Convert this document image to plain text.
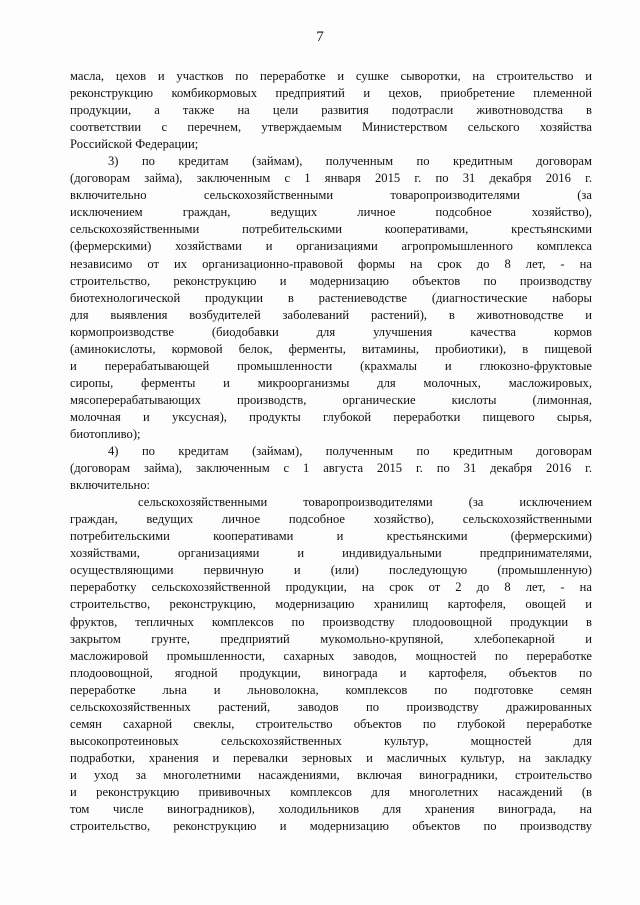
7
масла, цехов и участков по переработке и сушке сыворотки, на строительство и
реконструкцию комбикормовых предприятий и цехов, приобретение племенной
продукции, а также на цели развития подотрасли животноводства в
соответствии с перечнем, утверждаемым Министерством сельского хозяйства
Российской Федерации;
3) по кредитам (займам), полученным по кредитным договорам
(договорам займа), заключенным с 1 января 2015 г. по 31 декабря 2016 г.
включительно сельскохозяйственными товаропроизводителями (за
исключением граждан, ведущих личное подсобное хозяйство),
сельскохозяйственными потребительскими кооперативами, крестьянскими
(фермерскими) хозяйствами и организациями агропромышленного комплекса
независимо от их организационно-правовой формы на срок до 8 лет, - на
строительство, реконструкцию и модернизацию объектов по производству
биотехнологической продукции в растениеводстве (диагностические наборы
для выявления возбудителей заболеваний растений), в животноводстве и
кормопроизводстве (биодобавки для улучшения качества кормов
(аминокислоты, кормовой белок, ферменты, витамины, пробиотики), в пищевой
и перерабатывающей промышленности (крахмалы и глюкозно-фруктовые
сиропы, ферменты и микроорганизмы для молочных, масложировых,
мясоперерабатывающих производств, органические кислоты (лимонная,
молочная и уксусная), продукты глубокой переработки пищевого сырья,
биотопливо);
4) по кредитам (займам), полученным по кредитным договорам
(договорам займа), заключенным с 1 августа 2015 г. по 31 декабря 2016 г.
включительно:
сельскохозяйственными товаропроизводителями (за исключением
граждан, ведущих личное подсобное хозяйство), сельскохозяйственными
потребительскими кооперативами и крестьянскими (фермерскими)
хозяйствами, организациями и индивидуальными предпринимателями,
осуществляющими первичную и (или) последующую (промышленную)
переработку сельскохозяйственной продукции, на срок от 2 до 8 лет, - на
строительство, реконструкцию, модернизацию хранилищ картофеля, овощей и
фруктов, тепличных комплексов по производству плодоовощной продукции в
закрытом грунте, предприятий мукомольно-крупяной, хлебопекарной и
масложировой промышленности, сахарных заводов, мощностей по переработке
плодоовощной, ягодной продукции, винограда и картофеля, объектов по
переработке льна и льноволокна, комплексов по подготовке семян
сельскохозяйственных растений, заводов по производству дражированных
семян сахарной свеклы, строительство объектов по глубокой переработке
высокопротеиновых сельскохозяйственных культур, мощностей для
подработки, хранения и перевалки зерновых и масличных культур, на закладку
и уход за многолетними насаждениями, включая виноградники, строительство
и реконструкцию прививочных комплексов для многолетних насаждений (в
том числе виноградников), холодильников для хранения винограда, на
строительство, реконструкцию и модернизацию объектов по производству
